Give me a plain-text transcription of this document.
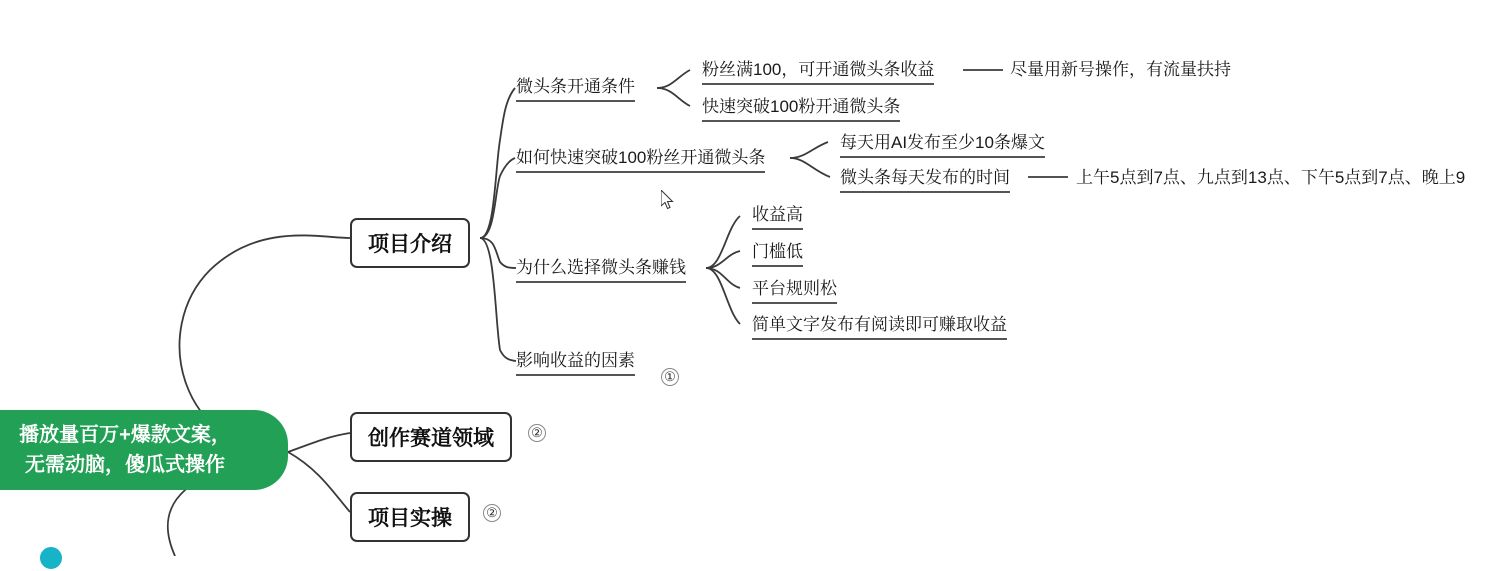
播放量百万+爆款文案，
无需动脑，傻瓜式操作
项目介绍
创作赛道领域	②
项目实操	②
微头条开通条件
如何快速突破100粉丝开通微头条
为什么选择微头条赚钱
影响收益的因素
①
粉丝满100，可开通微头条收益
快速突破100粉开通微头条
尽量用新号操作，有流量扶持
每天用AI发布至少10条爆文
微头条每天发布的时间	上午5点到7点、九点到13点、下午5点到7点、晚上9
收益高
门槛低
平台规则松
简单文字发布有阅读即可赚取收益
